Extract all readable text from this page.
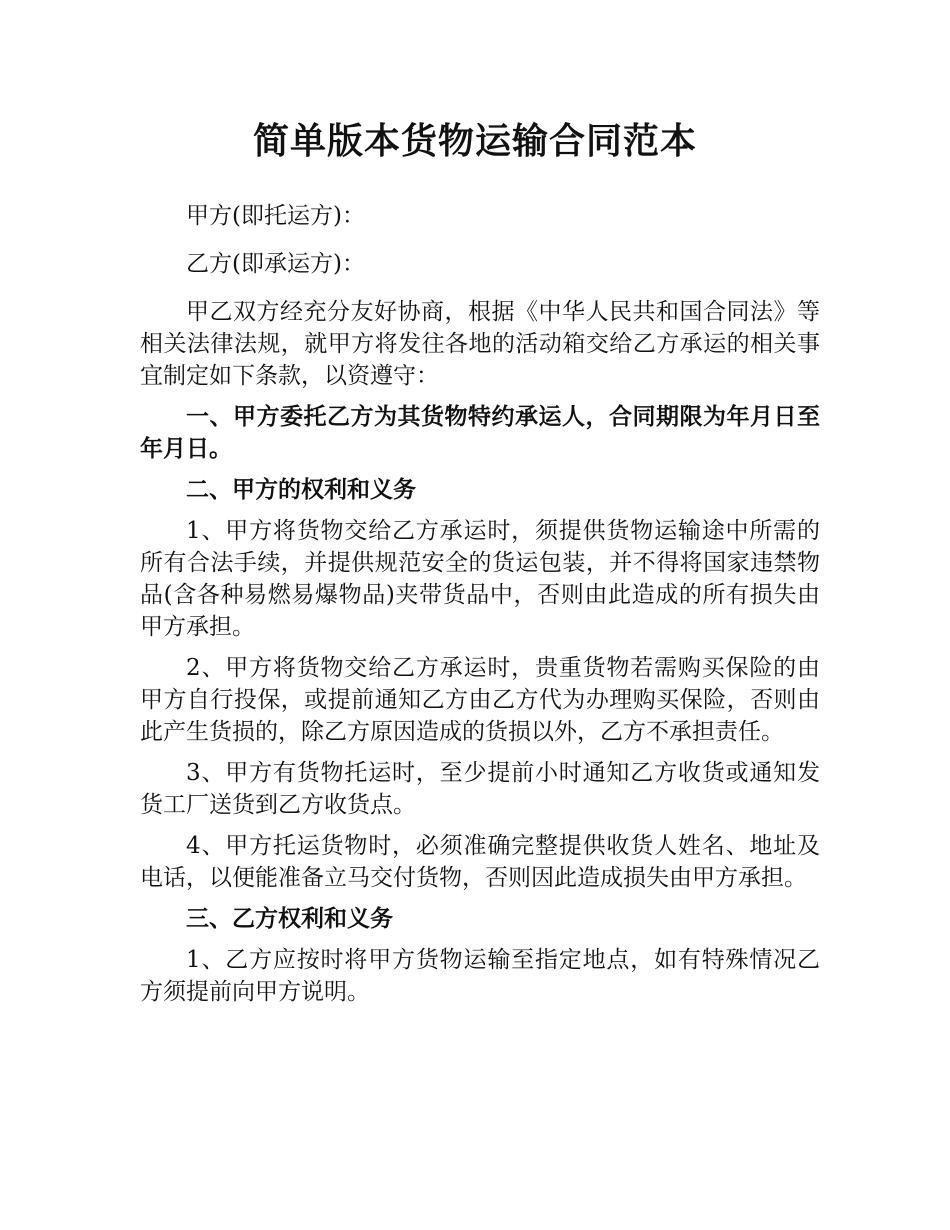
简单版本货物运输合同范本

甲方(即托运方)：

乙方(即承运方)：

甲乙双方经充分友好协商，根据《中华人民共和国合同法》等相关法律法规，就甲方将发往各地的活动箱交给乙方承运的相关事宜制定如下条款，以资遵守：

一、甲方委托乙方为其货物特约承运人，合同期限为年月日至年月日。

二、甲方的权利和义务

1、甲方将货物交给乙方承运时，须提供货物运输途中所需的所有合法手续，并提供规范安全的货运包装，并不得将国家违禁物品(含各种易燃易爆物品)夹带货品中，否则由此造成的所有损失由甲方承担。

2、甲方将货物交给乙方承运时，贵重货物若需购买保险的由甲方自行投保，或提前通知乙方由乙方代为办理购买保险，否则由此产生货损的，除乙方原因造成的货损以外，乙方不承担责任。

3、甲方有货物托运时，至少提前小时通知乙方收货或通知发货工厂送货到乙方收货点。

4、甲方托运货物时，必须准确完整提供收货人姓名、地址及电话，以便能准备立马交付货物，否则因此造成损失由甲方承担。

三、乙方权利和义务

1、乙方应按时将甲方货物运输至指定地点，如有特殊情况乙方须提前向甲方说明。
